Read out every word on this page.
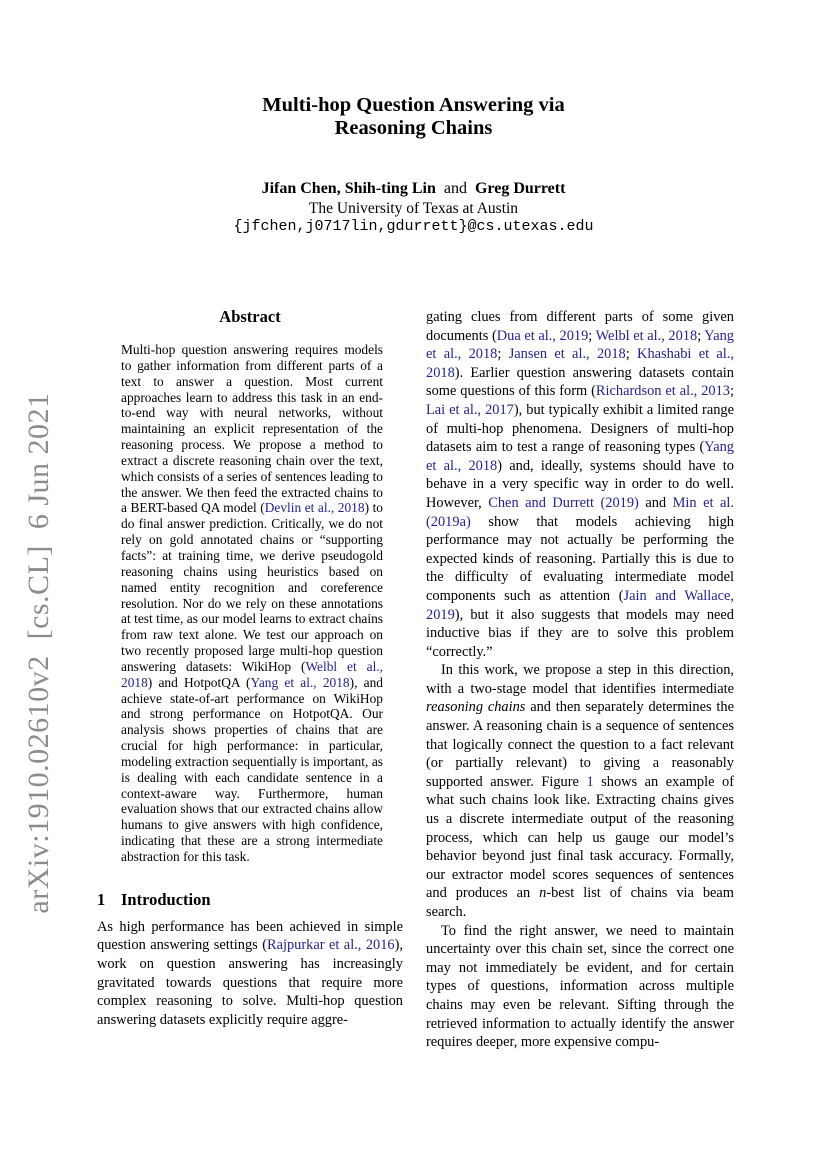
arXiv:1910.02610v2  [cs.CL]  6 Jun 2021
Multi-hop Question Answering via
Reasoning Chains
Jifan Chen, Shih-ting Lin  and  Greg Durrett
The University of Texas at Austin
{jfchen,j0717lin,gdurrett}@cs.utexas.edu
Abstract
Multi-hop question answering requires models to gather information from different parts of a text to answer a question. Most current approaches learn to address this task in an end-to-end way with neural networks, without maintaining an explicit representation of the reasoning process. We propose a method to extract a discrete reasoning chain over the text, which consists of a series of sentences leading to the answer. We then feed the extracted chains to a BERT-based QA model (Devlin et al., 2018) to do final answer prediction. Critically, we do not rely on gold annotated chains or “supporting facts”: at training time, we derive pseudogold reasoning chains using heuristics based on named entity recognition and coreference resolution. Nor do we rely on these annotations at test time, as our model learns to extract chains from raw text alone. We test our approach on two recently proposed large multi-hop question answering datasets: WikiHop (Welbl et al., 2018) and HotpotQA (Yang et al., 2018), and achieve state-of-art performance on WikiHop and strong performance on HotpotQA. Our analysis shows properties of chains that are crucial for high performance: in particular, modeling extraction sequentially is important, as is dealing with each candidate sentence in a context-aware way. Furthermore, human evaluation shows that our extracted chains allow humans to give answers with high confidence, indicating that these are a strong intermediate abstraction for this task.
1 Introduction

As high performance has been achieved in simple question answering settings (Rajpurkar et al., 2016), work on question answering has increasingly gravitated towards questions that require more complex reasoning to solve. Multi-hop question answering datasets explicitly require aggre-

gating clues from different parts of some given documents (Dua et al., 2019; Welbl et al., 2018; Yang et al., 2018; Jansen et al., 2018; Khashabi et al., 2018). Earlier question answering datasets contain some questions of this form (Richardson et al., 2013; Lai et al., 2017), but typically exhibit a limited range of multi-hop phenomena. Designers of multi-hop datasets aim to test a range of reasoning types (Yang et al., 2018) and, ideally, systems should have to behave in a very specific way in order to do well. However, Chen and Durrett (2019) and Min et al. (2019a) show that models achieving high performance may not actually be performing the expected kinds of reasoning. Partially this is due to the difficulty of evaluating intermediate model components such as attention (Jain and Wallace, 2019), but it also suggests that models may need inductive bias if they are to solve this problem “correctly.”

In this work, we propose a step in this direction, with a two-stage model that identifies intermediate reasoning chains and then separately determines the answer. A reasoning chain is a sequence of sentences that logically connect the question to a fact relevant (or partially relevant) to giving a reasonably supported answer. Figure 1 shows an example of what such chains look like. Extracting chains gives us a discrete intermediate output of the reasoning process, which can help us gauge our model’s behavior beyond just final task accuracy. Formally, our extractor model scores sequences of sentences and produces an n-best list of chains via beam search.

To find the right answer, we need to maintain uncertainty over this chain set, since the correct one may not immediately be evident, and for certain types of questions, information across multiple chains may even be relevant. Sifting through the retrieved information to actually identify the answer requires deeper, more expensive compu-
